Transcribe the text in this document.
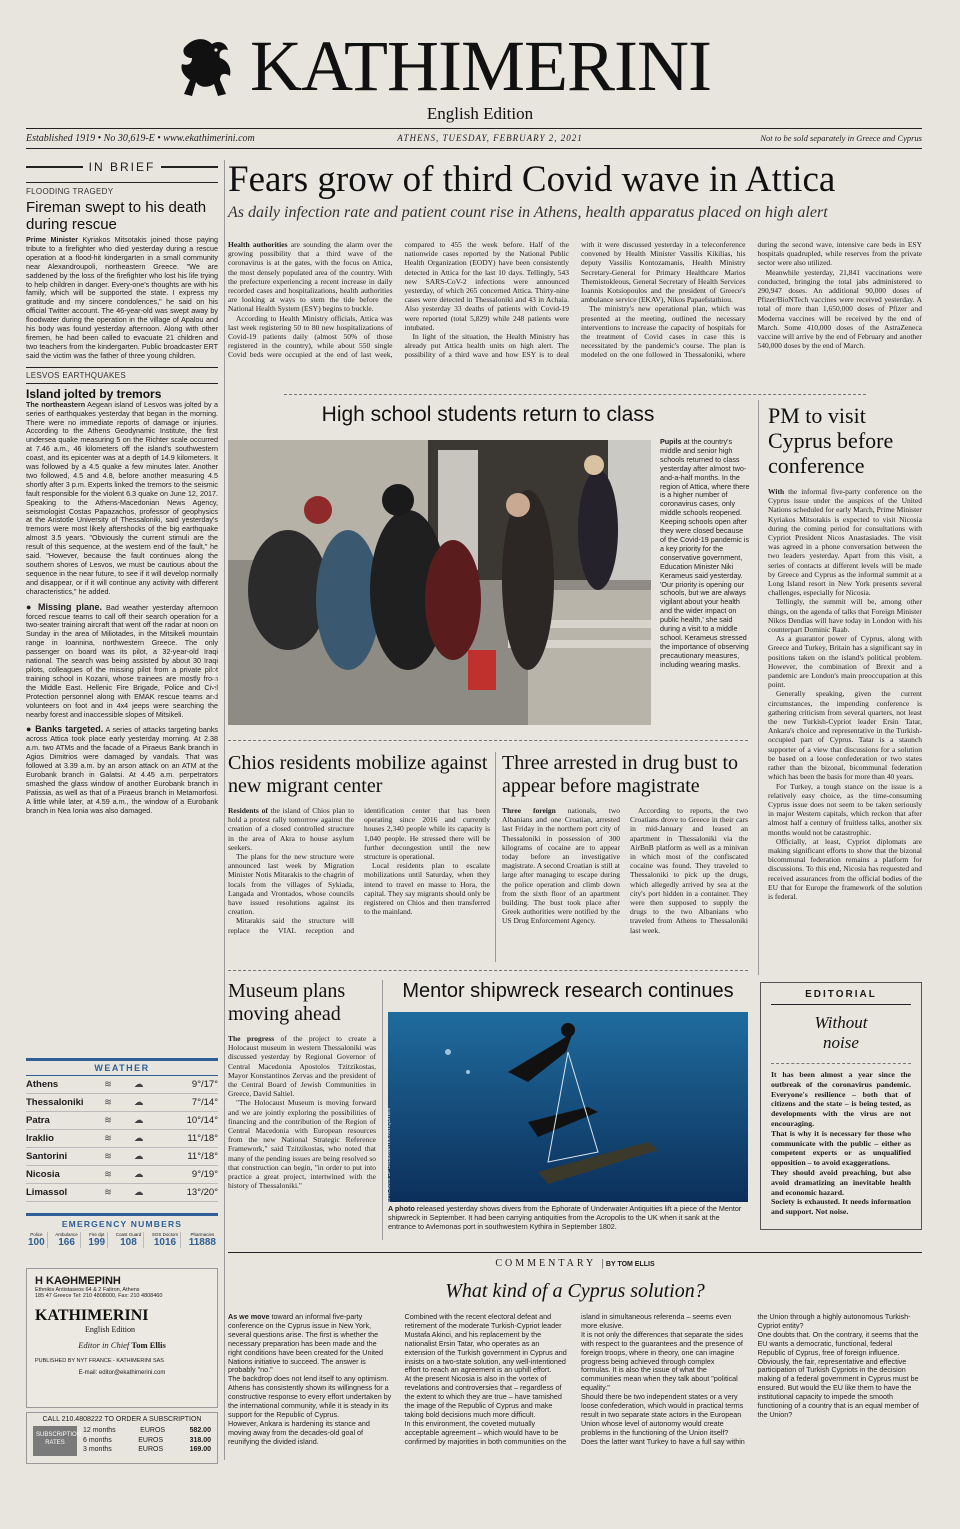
KATHIMERINI
English Edition
Established 1919 • No 30,619-E • www.ekathimerini.com	ATHENS, TUESDAY, FEBRUARY 2, 2021	Not to be sold separately in Greece and Cyprus
IN BRIEF
FLOODING TRAGEDY
Fireman swept to his death during rescue
Prime Minister Kyriakos Mitsotakis joined those paying tribute to a firefighter who died yesterday during a rescue operation at a flood-hit kindergarten in a small community near Alexandroupoli, northeastern Greece. "We are saddened by the loss of the firefighter who lost his life trying to help children in danger. Every-one's thoughts are with his family, which will be supported the state. I express my gratitude and my sincere condolences," he said on his official Twitter account. The 46-year-old was swept away by floodwater during the operation in the village of Apalou and his body was found yesterday afternoon. Along with other firemen, he had been called to evacuate 21 children and two teachers from the kindergarten. Public broadcaster ERT said the victim was the father of three young children.
LESVOS EARTHQUAKES
Island jolted by tremors
The northeastern Aegean island of Lesvos was jolted by a series of earthquakes yesterday that began in the morning. There were no immediate reports of damage or injuries. According to the Athens Geodynamic Institute, the first undersea quake measuring 5 on the Richter scale occurred at 7.46 a.m., 46 kilometers off the island's southwestern coast, and its epicenter was at a depth of 14.9 kilometers. It was followed by a 4.5 quake a few minutes later. Another two followed, 4.5 and 4.8, before another measuring 4.5 shortly after 3 p.m. Experts linked the tremors to the seismic fault responsible for the violent 6.3 quake on June 12, 2017. Speaking to the Athens-Macedonian News Agency, seismologist Costas Papazachos, professor of geophysics at the Aristotle University of Thessaloniki, said yesterday's tremors were most likely aftershocks of the big earthquake almost 3.5 years. "Obviously the current stimuli are the result of this sequence, at the western end of the fault," he said. "However, because the fault continues along the southern shores of Lesvos, we must be cautious about the sequence in the near future, to see if it will develop normally and disappear, or if it will continue any activity with different characteristics," he added.
● Missing plane. Bad weather yesterday afternoon forced rescue teams to call off their search operation for a two-seater training aircraft that went off the radar at noon on Sunday in the area of Miliotades, in the Mitsikeli mountain range in Ioannina, northwestern Greece. The only passenger on board was its pilot, a 32-year-old Iraqi national. The search was being assisted by about 30 Iraqi pilots, colleagues of the missing pilot from a private pilot training school in Kozani, whose trainees are mostly from the Middle East. Hellenic Fire Brigade, Police and Civil Protection personnel along with EMAK rescue teams and volunteers on foot and in 4x4 jeeps were searching the nearby forest and inaccessible slopes of Mitsikeli.
● Banks targeted. A series of attacks targeting banks across Attica took place early yesterday morning. At 2.38 a.m. two ATMs and the facade of a Piraeus Bank branch in Agios Dimitrios were damaged by vandals. That was followed at 3.39 a.m. by an arson attack on an ATM at the Eurobank branch in Galatsi. At 4.45 a.m. perpetrators smashed the glass window of another Eurobank branch in Patissia, as well as that of a Piraeus branch in Metamorfosi. A little while later, at 4.59 a.m., the window of a Eurobank branch in Nea Ionia was also damaged.
WEATHER
Athens	≋	☁	9°/17°
Thessaloniki	≋	☁	7°/14°
Patra	≋	☁	10°/14°
Iraklio	≋	☁	11°/18°
Santorini	≋	☁	11°/18°
Nicosia	≋	☁	9°/19°
Limassol	≋	☁	13°/20°
EMERGENCY NUMBERS
Police
100
Ambulance
166
Fire dpt
199
Coast Guard
108
SOS Doctors
1016
Pharmacies
11888
Η ΚΑΘΗΜΕΡΙΝΗ
Ethnikis Antistaseos 64 & 2 Faliron, Athens
185 47 Greece Tel: 210 4808000, Fax: 210 4808460
KATHIMERINI
English Edition
Editor in Chief Tom Ellis
PUBLISHED BY NYT FRANCE - KATHIMERINI SAS
E-mail: editor@ekathimerini.com
CALL 210.4808222 TO ORDER A SUBSCRIPTION
SUBSCRIPTION RATES
12 months	EUROS	582.00
6 months	EUROS	318.00
3 months	EUROS	169.00
Fears grow of third Covid wave in Attica
As daily infection rate and patient count rise in Athens, health apparatus placed on high alert

Health authorities are sounding the alarm over the growing possibility that a third wave of the coronavirus is at the gates, with the focus on Attica, the most densely populated area of the country. With the prefecture experiencing a recent increase in daily recorded cases and hospitalizations, health authorities are looking at ways to stem the tide before the National Health System (ESY) begins to buckle.

According to Health Ministry officials, Attica was last week registering 50 to 80 new hospitalizations of Covid-19 patients daily (almost 50% of those registered in the country), while about 550 single Covid beds were occupied at the end of last week, compared to 455 the week before. Half of the nationwide cases reported by the National Public Health Organization (EODY) have been consistently detected in Attica for the last 10 days. Tellingly, 543 new SARS-CoV-2 infections were announced yesterday, of which 265 concerned Attica. Thirty-nine cases were detected in Thessaloniki and 43 in Achaia. Also yesterday 33 deaths of patients with Covid-19 were reported (total 5,829) while 248 patients were intubated.

In light of the situation, the Health Ministry has already put Attica health units on high alert. The possibility of a third wave and how ESY is to deal with it were discussed yesterday in a teleconference convened by Health Minister Vassilis Kikilias, his deputy Vassilis Kontozamanis, Health Ministry Secretary-General for Primary Healthcare Marios Themistokleous, General Secretary of Health Services Ioannis Kotsiopoulos and the president of Greece's ambulance service (EKAV), Nikos Papaefstathiou.

The ministry's new operational plan, which was presented at the meeting, outlined the necessary interventions to increase the capacity of hospitals for the treatment of Covid cases in case this is necessitated by the pandemic's course. The plan is modeled on the one followed in Thessaloniki, where during the second wave, intensive care beds in ESY hospitals quadrupled, while reserves from the private sector were also utilized.

Meanwhile yesterday, 21,841 vaccinations were conducted, bringing the total jabs administered to 290,947 doses. An additional 90,000 doses of Pfizer/BioNTech vaccines were received yesterday. A total of more than 1,650,000 doses of Pfizer and Moderna vaccines will be received by the end of March. Some 410,000 doses of the AstraZeneca vaccine will arrive by the end of February and another 540,000 doses by the end of March.

High school students return to class
INTIME NEWS
Pupils at the country's middle and senior high schools returned to class yesterday after almost two-and-a-half months. In the region of Attica, where there is a higher number of coronavirus cases, only middle schools reopened. Keeping schools open after they were closed because of the Covid-19 pandemic is a key priority for the conservative government, Education Minister Niki Kerameus said yesterday. 'Our priority is opening our schools, but we are always vigilant about your health and the wider impact on public health,' she said during a visit to a middle school. Kerameus stressed the importance of observing precautionary measures, including wearing masks.
PM to visit Cyprus before conference

With the informal five-party conference on the Cyprus issue under the auspices of the United Nations scheduled for early March, Prime Minister Kyriakos Mitsotakis is expected to visit Nicosia during the coming period for consultations with Cypriot President Nicos Anastasiades. The visit was agreed in a phone conversation between the two leaders yesterday. Apart from this visit, a series of contacts at different levels will be made by Greece and Cyprus as the informal summit at a Long Island resort in New York presents several challenges, especially for Nicosia.

Tellingly, the summit will be, among other things, on the agenda of talks that Foreign Minister Nikos Dendias will have today in London with his counterpart Dominic Raab.

As a guarantor power of Cyprus, along with Greece and Turkey, Britain has a significant say in positions taken on the island's political problem. However, the combination of Brexit and a pandemic are London's main preoccupation at this point.

Generally speaking, given the current circumstances, the impending conference is gathering criticism from several quarters, not least the new Turkish-Cypriot leader Ersin Tatar, Ankara's choice and representative in the Turkish-occupied part of Cyprus. Tatar is a staunch supporter of a view that discussions for a solution be based on a loose confederation or two states rather than the bizonal, bicommunal federation which has been the basis for more than 40 years.

For Turkey, a tough stance on the issue is a relatively easy choice, as the time-consuming Cyprus issue does not seem to be taken seriously in major Western capitals, which reckon that after almost half a century of fruitless talks, another six months would not be catastrophic.

Officially, at least, Cypriot diplomats are making significant efforts to show that the bizonal bicommunal federation remains a platform for discussions. To this end, Nicosia has requested and received assurances from the official bodies of the EU that for Europe the framework of the solution is federal.

Chios residents mobilize against new migrant center

Residents of the island of Chios plan to hold a protest rally tomorrow against the creation of a closed controlled structure in the area of Akra to house asylum seekers.

The plans for the new structure were announced last week by Migration Minister Notis Mitarakis to the chagrin of locals from the villages of Sykiada, Langada and Vrontados, whose councils have issued resolutions against its creation.

Mitarakis said the structure will replace the VIAL reception and identification center that has been operating since 2016 and currently houses 2,340 people while its capacity is 1,040 people. He stressed there will be further decongestion until the new structure is operational.

Local residents plan to escalate mobilizations until Saturday, when they intend to travel en masse to Hora, the capital. They say migrants should only be registered on Chios and then transferred to the mainland.

Three arrested in drug bust to appear before magistrate

Three foreign nationals, two Albanians and one Croatian, arrested last Friday in the northern port city of Thessaloniki in possession of 300 kilograms of cocaine are to appear today before an investigative magistrate. A second Croatian is still at large after managing to escape during the police operation and climb down from the sixth floor of an apartment building. The bust took place after Greek authorities were notified by the US Drug Enforcement Agency.

According to reports, the two Croatians drove to Greece in their cars in mid-January and leased an apartment in Thessaloniki via the AirBnB platform as well as a minivan in which most of the confiscated cocaine was found. They traveled to Thessaloniki to pick up the drugs, which allegedly arrived by sea at the city's port hidden in a container. They were then supposed to supply the drugs to the two Albanians who traveled from Athens to Thessaloniki last week.

Museum plans moving ahead

The progress of the project to create a Holocaust museum in western Thessaloniki was discussed yesterday by Regional Governor of Central Macedonia Apostolos Tzitzikostas, Mayor Konstantinos Zervas and the president of the Central Board of Jewish Communities in Greece, David Saltiel.

"The Holocaust Museum is moving forward and we are jointly exploring the possibilities of financing and the contribution of the Region of Central Macedonia with European resources from the new National Strategic Reference Framework," said Tzitzikostas, who noted that many of the pending issues are being resolved so that construction can begin, "in order to put into practice a great project, intertwined with the history of Thessaloniki."

Mentor shipwreck research continues
EPHORATE OF UNDERWATER ANTIQUITIES
A photo released yesterday shows divers from the Ephorate of Underwater Antiquities lift a piece of the Mentor shipwreck in September. It had been carrying antiquities from the Acropolis to the UK when it sank at the entrance to Avlemonas port in southwestern Kythira in September 1802.
EDITORIAL
Without noise
It has been almost a year since the outbreak of the coronavirus pandemic. Everyone's resilience – both that of citizens and the state – is being tested, as developments with the virus are not encouraging.
That is why it is necessary for those who communicate with the public – either as competent experts or as unqualified opposition – to avoid exaggerations.
They should avoid preaching, but also avoid dramatizing an inevitable health and economic hazard.
Society is exhausted. It needs information and support. Not noise.
COMMENTARY | BY TOM ELLIS
What kind of a Cyprus solution?

As we move toward an informal five-party conference on the Cyprus issue in New York, several questions arise. The first is whether the necessary preparation has been made and the right conditions have been created for the United Nations initiative to succeed. The answer is probably "no."

The backdrop does not lend itself to any optimism. Athens has consistently shown its willingness for a constructive response to every effort undertaken by the international community, while it is steady in its support for the Republic of Cyprus.

However, Ankara is hardening its stance and moving away from the decades-old goal of reunifying the divided island.

Combined with the recent electoral defeat and retirement of the moderate Turkish-Cypriot leader Mustafa Akinci, and his replacement by the nationalist Ersin Tatar, who operates as an extension of the Turkish government in Cyprus and insists on a two-state solution, any well-intentioned effort to reach an agreement is an uphill effort.

At the present Nicosia is also in the vortex of revelations and controversies that – regardless of the extent to which they are true – have tarnished the image of the Republic of Cyprus and make taking bold decisions much more difficult.

In this environment, the coveted mutually acceptable agreement – which would have to be confirmed by majorities in both communities on the island in simultaneous referenda – seems even more elusive.

It is not only the differences that separate the sides with respect to the guarantees and the presence of foreign troops, where in theory, one can imagine progress being achieved through complex formulas. It is also the issue of what the communities mean when they talk about "political equality."

Should there be two independent states or a very loose confederation, which would in practical terms result in two separate state actors in the European Union whose level of autonomy would create problems in the functioning of the Union itself? Does the latter want Turkey to have a full say within the Union through a highly autonomous Turkish-Cypriot entity?

One doubts that. On the contrary, it seems that the EU wants a democratic, functional, federal Republic of Cyprus, free of foreign influence. Obviously, the fair, representative and effective participation of Turkish Cypriots in the decision making of a federal government in Cyprus must be ensured. But would the EU like them to have the institutional capacity to impede the smooth functioning of a country that is an equal member of the Union?
